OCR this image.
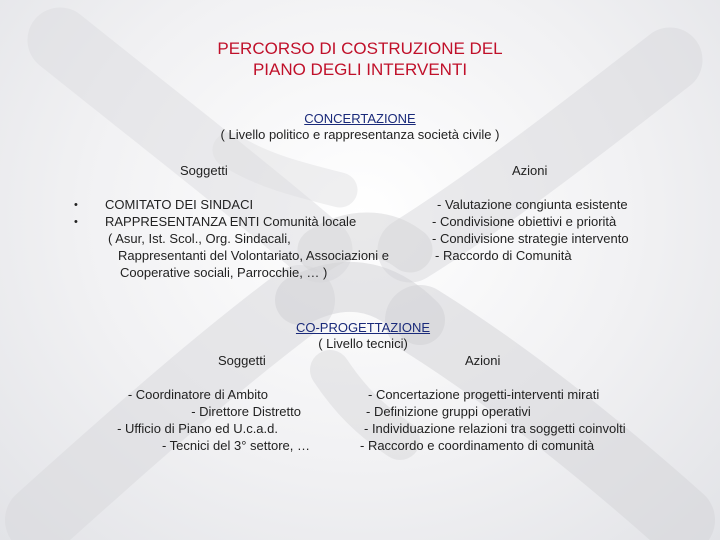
PERCORSO DI COSTRUZIONE DEL
PIANO DEGLI INTERVENTI
CONCERTAZIONE
( Livello politico e rappresentanza società civile )
Soggetti	Azioni
•
•
COMITATO DEI SINDACI
RAPPRESENTANZA ENTI Comunità locale
( Asur, Ist. Scol., Org. Sindacali,
Rappresentanti del Volontariato, Associazioni e
Cooperative sociali, Parrocchie, … )
- Valutazione congiunta esistente
- Condivisione obiettivi e priorità
- Condivisione strategie intervento
- Raccordo di Comunità
CO-PROGETTAZIONE
( Livello tecnici)
Soggetti	Azioni
- Coordinatore di Ambito
- Direttore Distretto
- Ufficio di Piano ed U.c.a.d.
- Tecnici del 3° settore, …
- Concertazione progetti-interventi mirati
- Definizione gruppi operativi
- Individuazione relazioni tra soggetti coinvolti
- Raccordo e coordinamento di comunità
